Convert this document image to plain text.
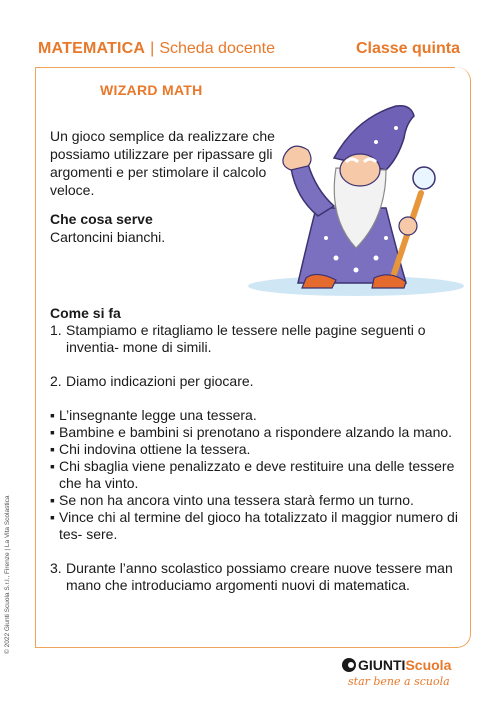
MATEMATICA | Scheda docente	Classe quinta
WIZARD MATH
Un gioco semplice da realizzare che possiamo utilizzare per ripassare gli argomenti e per stimolare il calcolo veloce.
Che cosa serve
Cartoncini bianchi.
Come si fa
1. Stampiamo e ritagliamo le tessere nelle pagine seguenti o inventia- mone di simili.
2. Diamo indicazioni per giocare.
▪ L’insegnante legge una tessera.
▪ Bambine e bambini si prenotano a rispondere alzando la mano.
▪ Chi indovina ottiene la tessera.
▪ Chi sbaglia viene penalizzato e deve restituire una delle tessere che ha vinto.
▪ Se non ha ancora vinto una tessera starà fermo un turno.
▪ Vince chi al termine del gioco ha totalizzato il maggior numero di tes- sere.
3. Durante l’anno scolastico possiamo creare nuove tessere man mano che introduciamo argomenti nuovi di matematica.
© 2022 Giunti Scuola S.r.l., Firenze | La Vita Scolastica
GIUNTIScuola
star bene a scuola
